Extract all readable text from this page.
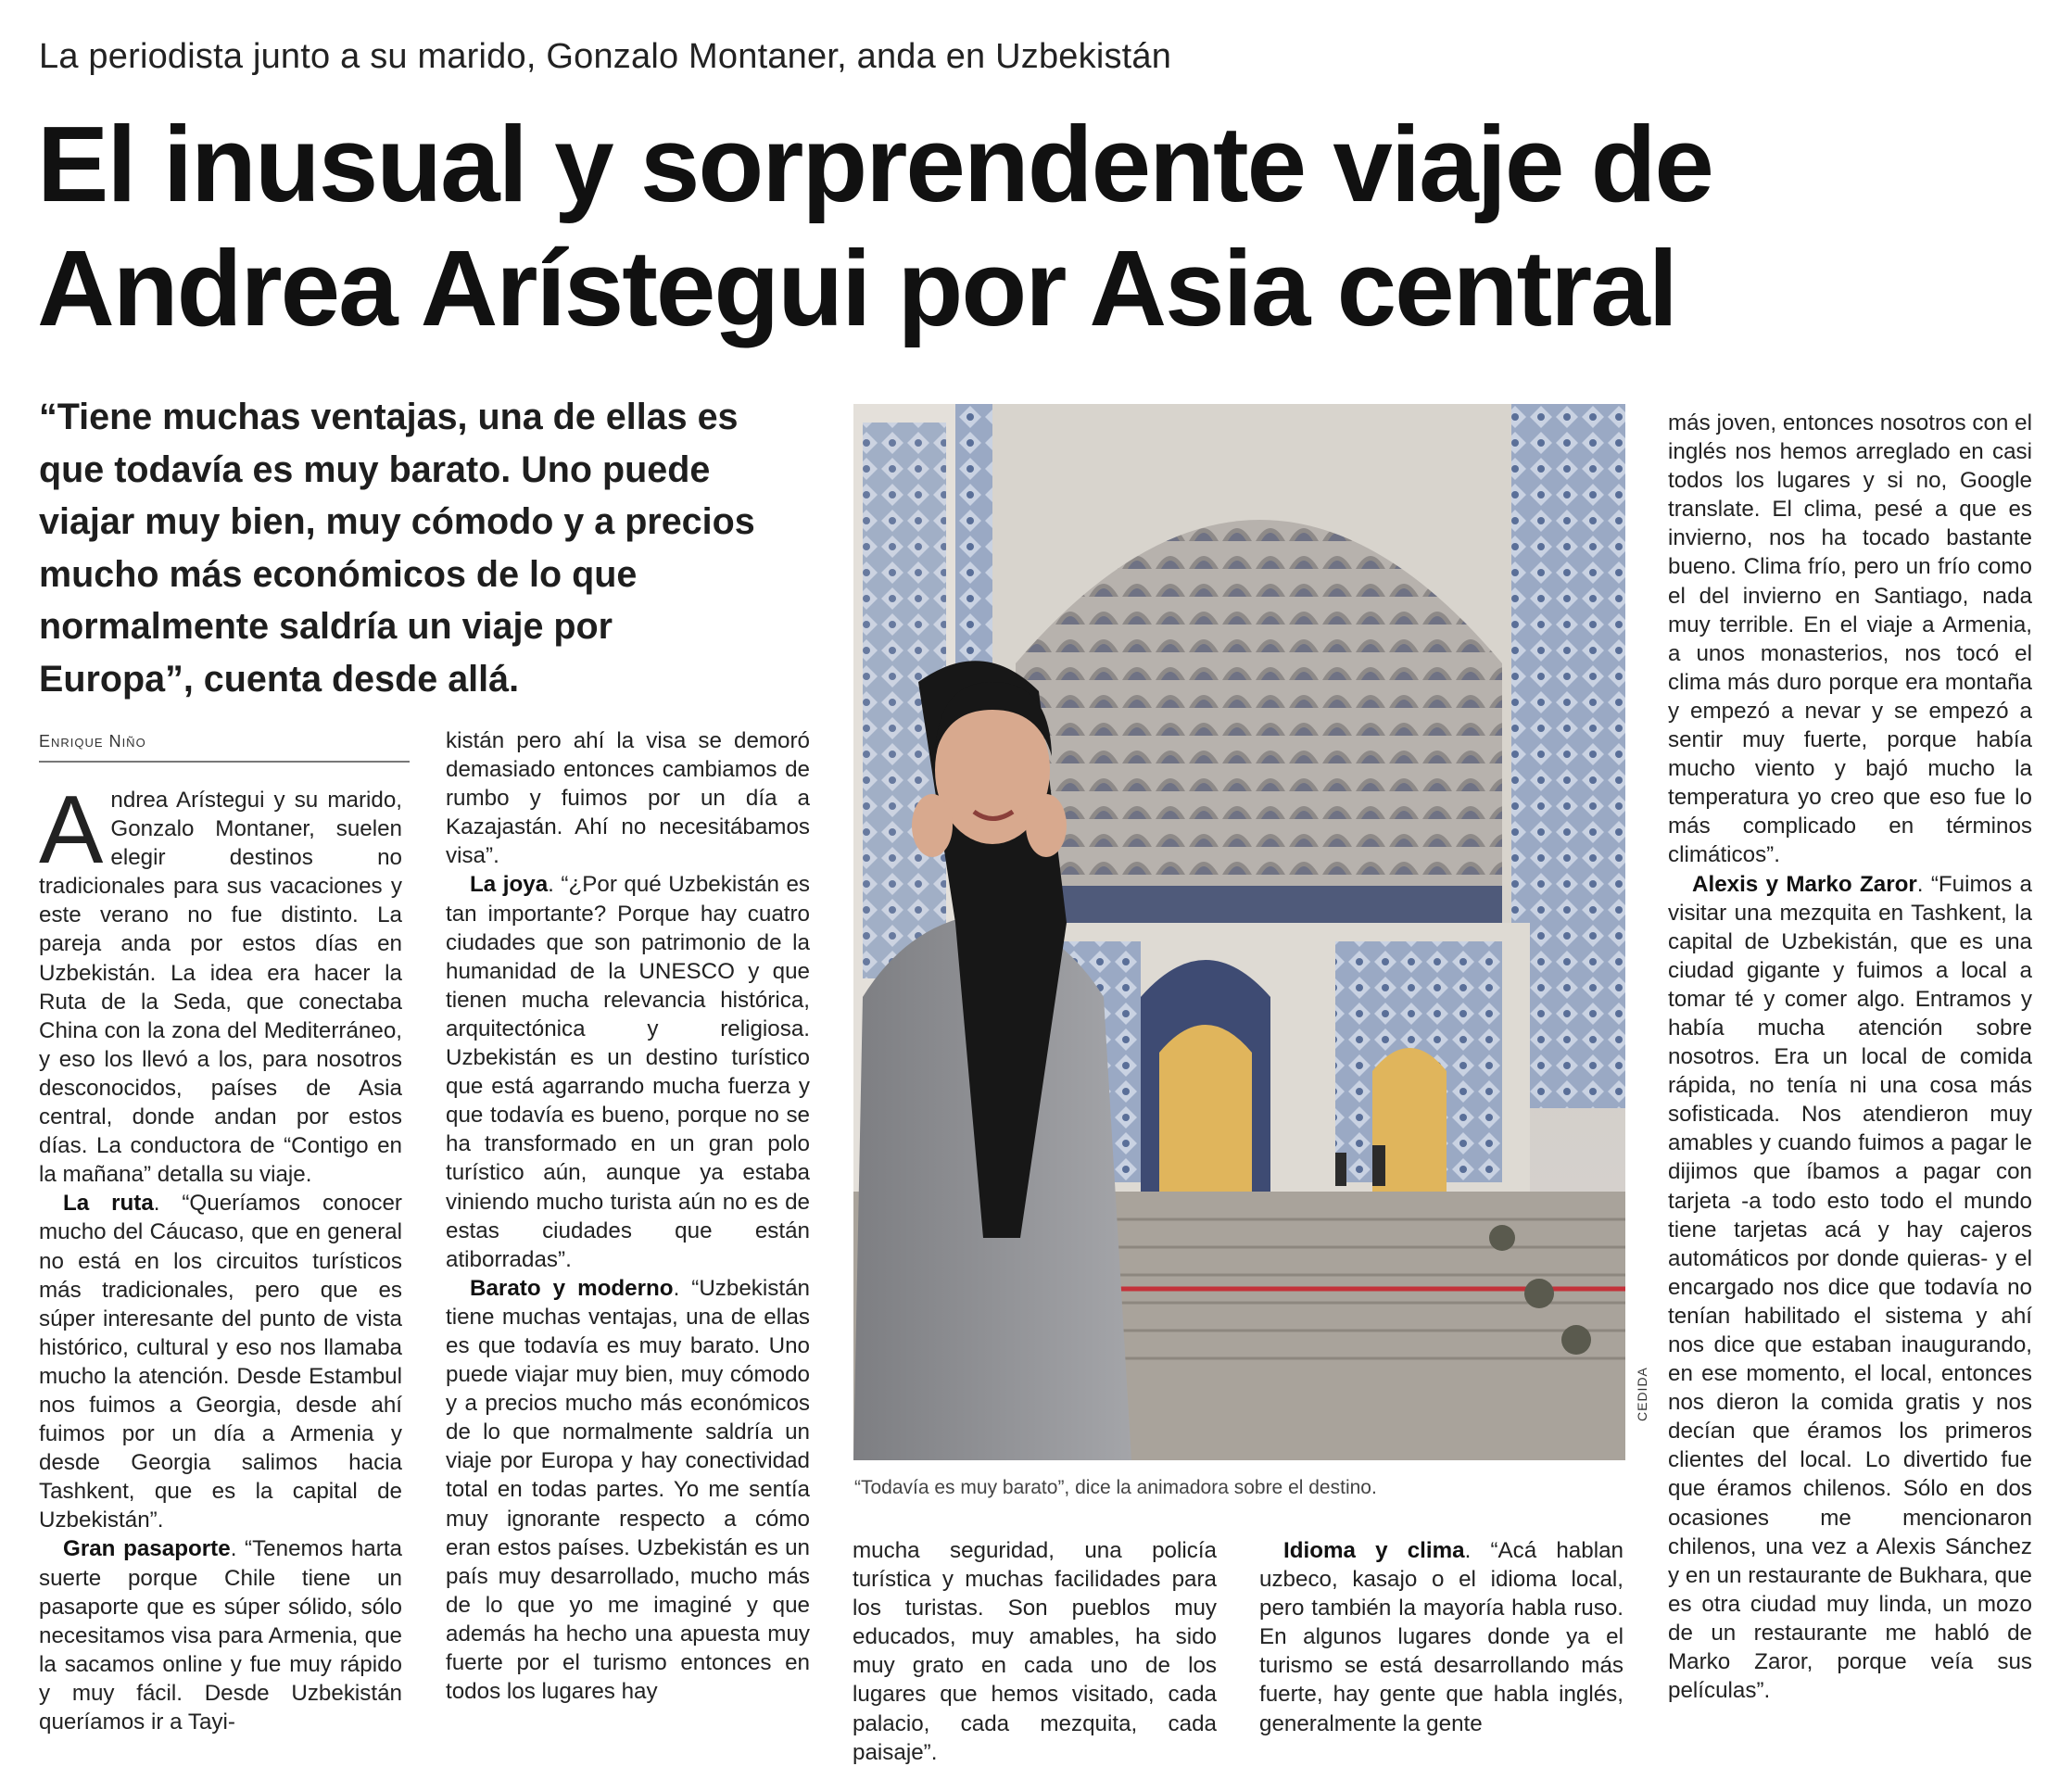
La periodista junto a su marido, Gonzalo Montaner, anda en Uzbekistán
El inusual y sorprendente viaje de
Andrea Arístegui por Asia central
“Tiene muchas ventajas, una de ellas es que todavía es muy barato. Uno puede viajar muy bien, muy cómodo y a precios mucho más económicos de lo que normalmente saldría un viaje por Europa”, cuenta desde allá.
Enrique Niño

Andrea Arístegui y su marido, Gonzalo Montaner, suelen elegir destinos no tradicionales para sus vacaciones y este verano no fue distinto. La pareja anda por estos días en Uzbekistán. La idea era hacer la Ruta de la Seda, que conectaba China con la zona del Mediterráneo, y eso los llevó a los, para nosotros desconocidos, países de Asia central, donde andan por estos días. La conductora de “Contigo en la mañana” detalla su viaje.

La ruta. “Queríamos conocer mucho del Cáucaso, que en general no está en los circuitos turísticos más tradicionales, pero que es súper interesante del punto de vista histórico, cultural y eso nos llamaba mucho la atención. Desde Estambul nos fuimos a Georgia, desde ahí fuimos por un día a Armenia y desde Georgia salimos hacia Tashkent, que es la capital de Uzbekistán”.

Gran pasaporte. “Tenemos harta suerte porque Chile tiene un pasaporte que es súper sólido, sólo necesitamos visa para Armenia, que la sacamos online y fue muy rápido y muy fácil. Desde Uzbekistán queríamos ir a Tayi-

kistán pero ahí la visa se demoró demasiado entonces cambiamos de rumbo y fuimos por un día a Kazajastán. Ahí no necesitábamos visa”.

La joya. “¿Por qué Uzbekistán es tan importante? Porque hay cuatro ciudades que son patrimonio de la humanidad de la UNESCO y que tienen mucha relevancia histórica, arquitectónica y religiosa. Uzbekistán es un destino turístico que está agarrando mucha fuerza y que todavía es bueno, porque no se ha transformado en un gran polo turístico aún, aunque ya estaba viniendo mucho turista aún no es de estas ciudades que están atiborradas”.

Barato y moderno. “Uzbekistán tiene muchas ventajas, una de ellas es que todavía es muy barato. Uno puede viajar muy bien, muy cómodo y a precios mucho más económicos de lo que normalmente saldría un viaje por Europa y hay conectividad total en todas partes. Yo me sentía muy ignorante respecto a cómo eran estos países. Uzbekistán es un país muy desarrollado, mucho más de lo que yo me imaginé y que además ha hecho una apuesta muy fuerte por el turismo entonces en todos los lugares hay

CEDIDA
“Todavía es muy barato”, dice la animadora sobre el destino.

mucha seguridad, una policía turística y muchas facilidades para los turistas. Son pueblos muy educados, muy amables, ha sido muy grato en cada uno de los lugares que hemos visitado, cada palacio, cada mezquita, cada paisaje”.

Idioma y clima. “Acá hablan uzbeco, kasajo o el idioma local, pero también la mayoría habla ruso. En algunos lugares donde ya el turismo se está desarrollando más fuerte, hay gente que habla inglés, generalmente la gente

más joven, entonces nosotros con el inglés nos hemos arreglado en casi todos los lugares y si no, Google translate. El clima, pesé a que es invierno, nos ha tocado bastante bueno. Clima frío, pero un frío como el del invierno en Santiago, nada muy terrible. En el viaje a Armenia, a unos monasterios, nos tocó el clima más duro porque era montaña y empezó a nevar y se empezó a sentir muy fuerte, porque había mucho viento y bajó mucho la temperatura yo creo que eso fue lo más complicado en términos climáticos”.

Alexis y Marko Zaror. “Fuimos a visitar una mezquita en Tashkent, la capital de Uzbekistán, que es una ciudad gigante y fuimos a local a tomar té y comer algo. Entramos y había mucha atención sobre nosotros. Era un local de comida rápida, no tenía ni una cosa más sofisticada. Nos atendieron muy amables y cuando fuimos a pagar le dijimos que íbamos a pagar con tarjeta -a todo esto todo el mundo tiene tarjetas acá y hay cajeros automáticos por donde quieras- y el encargado nos dice que todavía no tenían habilitado el sistema y ahí nos dice que estaban inaugurando, en ese momento, el local, entonces nos dieron la comida gratis y nos decían que éramos los primeros clientes del local. Lo divertido fue que éramos chilenos. Sólo en dos ocasiones me mencionaron chilenos, una vez a Alexis Sánchez y en un restaurante de Bukhara, que es otra ciudad muy linda, un mozo de un restaurante me habló de Marko Zaror, porque veía sus películas”.
